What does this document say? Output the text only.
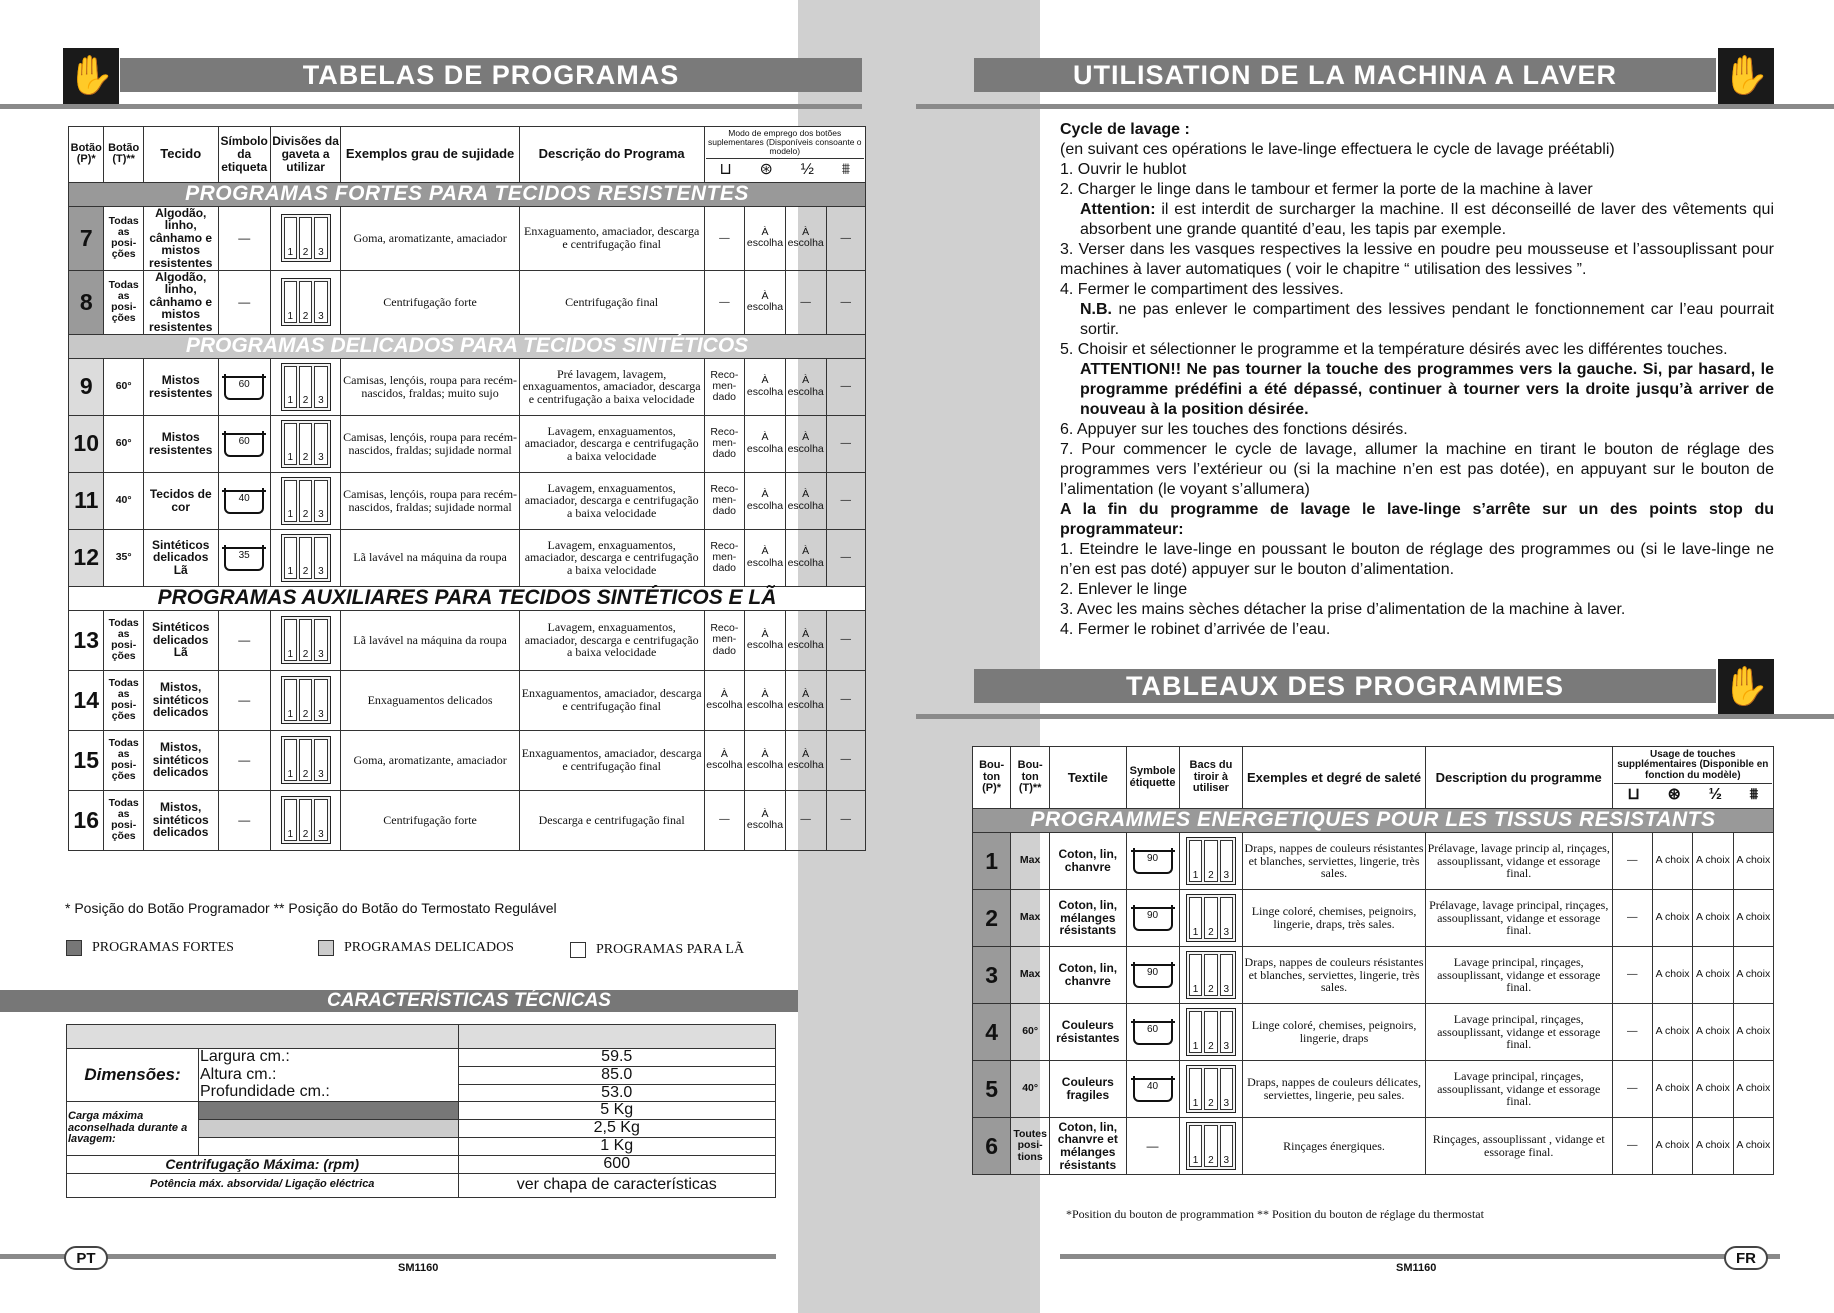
✋	TABELAS DE PROGRAMAS
Botão (P)*	Botão (T)**	Tecido	Símbolo da etiqueta	Divisões da gaveta a utilizar	Exemplos grau de sujidade	Descrição do Programa	Modo de emprego dos botões suplementares (Disponíveis consoante o modelo)
⊔ ⊛ ½ ⩩			

PROGRAMAS FORTES PARA TECIDOS RESISTENTES										
7	Todas as posi-ções	Algodão, linho, cânhamo e mistos resistentes	—	1 2 3	Goma, aromatizante, amaciador	Enxaguamento, amaciador, descarga e centrifugação final	—	À escolha	À escolha	—
8	Todas as posi-ções	Algodão, linho, cânhamo e mistos resistentes	—	1 2 3	Centrifugação forte	Centrifugação final	—	À escolha	—	—
PROGRAMAS DELICADOS PARA TECIDOS SINTÉTICOS										
9	60°	Mistos resistentes	60	1 2 3	Camisas, lençóis, roupa para recém-nascidos, fraldas; muito sujo	Pré lavagem, lavagem, enxaguamentos, amaciador, descarga e centrifugação a baixa velocidade	Reco-men-dado	À escolha	À escolha	—
10	60°	Mistos resistentes	60	1 2 3	Camisas, lençóis, roupa para recém-nascidos, fraldas; sujidade normal	Lavagem, enxaguamentos, amaciador, descarga e centrifugação a baixa velocidade	Reco-men-dado	À escolha	À escolha	—
11	40°	Tecidos de cor	40	1 2 3	Camisas, lençóis, roupa para recém-nascidos, fraldas; sujidade normal	Lavagem, enxaguamentos, amaciador, descarga e centrifugação a baixa velocidade	Reco-men-dado	À escolha	À escolha	—
12	35°	Sintéticos delicados Lã	35	1 2 3	Lã lavável na máquina da roupa	Lavagem, enxaguamentos, amaciador, descarga e centrifugação a baixa velocidade	Reco-men-dado	À escolha	À escolha	—
PROGRAMAS AUXILIARES PARA TECIDOS SINTÉTICOS E LÃ										
13	Todas as posi-ções	Sintéticos delicados Lã	—	1 2 3	Lã lavável na máquina da roupa	Lavagem, enxaguamentos, amaciador, descarga e centrifugação a baixa velocidade	Reco-men-dado	À escolha	À escolha	—
14	Todas as posi-ções	Mistos, sintéticos delicados	—	1 2 3	Enxaguamentos delicados	Enxaguamentos, amaciador, descarga e centrifugação final	À escolha	À escolha	À escolha	—
15	Todas as posi-ções	Mistos, sintéticos delicados	—	1 2 3	Goma, aromatizante, amaciador	Enxaguamentos, amaciador, descarga e centrifugação final	À escolha	À escolha	À escolha	—
16	Todas as posi-ções	Mistos, sintéticos delicados	—	1 2 3	Centrifugação forte	Descarga e centrifugação final	—	À escolha	—	—
* Posição do Botão Programador ** Posição do Botão do Termostato Regulável
PROGRAMAS FORTES	PROGRAMAS DELICADOS	PROGRAMAS PARA LÃ
CARACTERÍSTICAS TÉCNICAS

Dimensões:	Largura cm.:	59.5
	Altura cm.:	85.0
	Profundidade cm.:	53.0
Carga máxima aconselhada durante a lavagem:		5 Kg
		2,5 Kg
		1 Kg
Centrifugação Máxima: (rpm)		600
Potência máx. absorvida/ Ligação eléctrica		ver chapa de características
PT
SM1160
UTILISATION DE LA MACHINA A LAVER	✋
Cycle de lavage :
(en suivant ces opérations le lave-linge effectuera le cycle de lavage préétabli)
1. Ouvrir le hublot
2. Charger le linge dans le tambour et fermer la porte de la machine à laver
Attention: il est interdit de surcharger la machine. Il est déconseillé de laver des vêtements qui absorbent une grande quantité d’eau, les tapis par exemple.
3. Verser dans les vasques respectives la lessive en poudre peu mousseuse et l’assouplissant pour machines à laver automatiques ( voir le chapitre “ utilisation des lessives ”.
4. Fermer le compartiment des lessives.
N.B. ne pas enlever le compartiment des lessives pendant le fonctionnement car l’eau pourrait sortir.
5. Choisir et sélectionner le programme et la température désirés avec les différentes touches.
ATTENTION!! Ne pas tourner la touche des programmes vers la gauche. Si, par hasard, le programme prédéfini a été dépassé, continuer à tourner vers la droite jusqu’à arriver de nouveau à la position désirée.
6. Appuyer sur les touches des fonctions désirés.
7. Pour commencer le cycle de lavage, allumer la machine en tirant le bouton de réglage des programmes vers l’extérieur ou (si la machine n’en est pas dotée), en appuyant sur le bouton de l’alimentation (le voyant s’allumera)
A la fin du programme de lavage le lave-linge s’arrête sur un des points stop du programmateur:
1. Eteindre le lave-linge en poussant le bouton de réglage des programmes ou (si le lave-linge ne n’en est pas doté) appuyer sur le bouton d’alimentation.
2. Enlever le linge
3. Avec les mains sèches détacher la prise d’alimentation de la machine à laver.
4. Fermer le robinet d’arrivée de l’eau.
TABLEAUX DES PROGRAMMES	✋
Bou-ton (P)*	Bou-ton (T)**	Textile	Symbole étiquette	Bacs du tiroir à utiliser	Exemples et degré de saleté	Description du programme	Usage de touches supplémentaires (Disponible en fonction du modèle)
⊔ ⊛ ½ ⩩			

PROGRAMMES ENERGETIQUES POUR LES TISSUS RESISTANTS										
1	Max	Coton, lin, chanvre	90	1 2 3	Draps, nappes de couleurs résistantes et blanches, serviettes, lingerie, très sales.	Prélavage, lavage princip al, rinçages, assouplissant, vidange et essorage final.	—	A choix	A choix	A choix
2	Max	Coton, lin, mélanges résistants	90	1 2 3	Linge coloré, chemises, peignoirs, lingerie, draps, très sales.	Prélavage, lavage principal, rinçages, assouplissant, vidange et essorage final.	—	A choix	A choix	A choix
3	Max	Coton, lin, chanvre	90	1 2 3	Draps, nappes de couleurs résistantes et blanches, serviettes, lingerie, très sales.	Lavage principal, rinçages, assouplissant, vidange et essorage final.	—	A choix	A choix	A choix
4	60°	Couleurs résistantes	60	1 2 3	Linge coloré, chemises, peignoirs, lingerie, draps	Lavage principal, rinçages, assouplissant, vidange et essorage final.	—	A choix	A choix	A choix
5	40°	Couleurs fragiles	40	1 2 3	Draps, nappes de couleurs délicates, serviettes, lingerie, peu sales.	Lavage principal, rinçages, assouplissant, vidange et essorage final.	—	A choix	A choix	A choix
6	Toutes posi-tions	Coton, lin, chanvre et mélanges résistants	—	1 2 3	Rinçages énergiques.	Rinçages, assouplissant , vidange et essorage final.	—	A choix	A choix	A choix
*Position du bouton de programmation ** Position du bouton de réglage du thermostat
FR
SM1160
